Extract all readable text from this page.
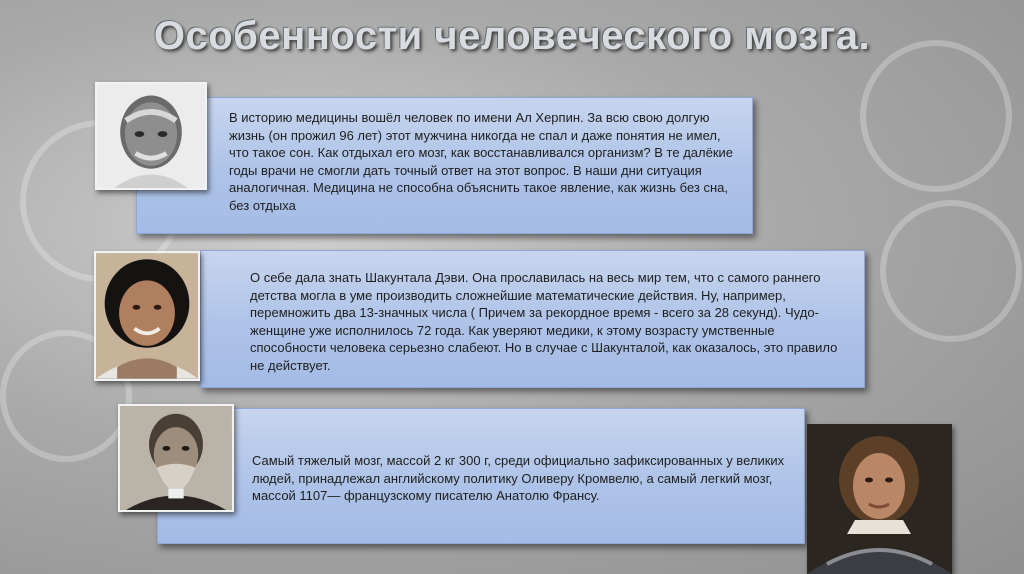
Особенности человеческого мозга.

В историю медицины вошёл человек по имени Ал Херпин. За всю свою долгую жизнь (он прожил 96 лет) этот мужчина никогда не спал и даже понятия не имел, что такое сон. Как отдыхал его мозг, как восстанавливался организм? В те далёкие годы врачи не смогли дать точный ответ на этот вопрос. В наши дни ситуация аналогичная. Медицина не способна объяснить такое явление, как жизнь без сна, без отдыха

О себе дала знать Шакунтала Дэви. Она прославилась на весь мир тем, что с самого раннего детства могла в уме производить сложнейшие математические действия. Ну, например, перемножить два 13-значных числа ( Причем за рекордное время - всего за 28 секунд). Чудо-женщине уже исполнилось 72 года. Как уверяют медики, к этому возрасту умственные способности человека серьезно слабеют. Но в случае с Шакунталой, как оказалось, это правило не действует.

Самый тяжелый мозг, массой 2 кг 300 г, среди официально зафиксированных у великих людей, принадлежал английскому политику Оливеру Кромвелю, а самый легкий мозг, массой 1107— французскому писателю Анатолю Франсу.
